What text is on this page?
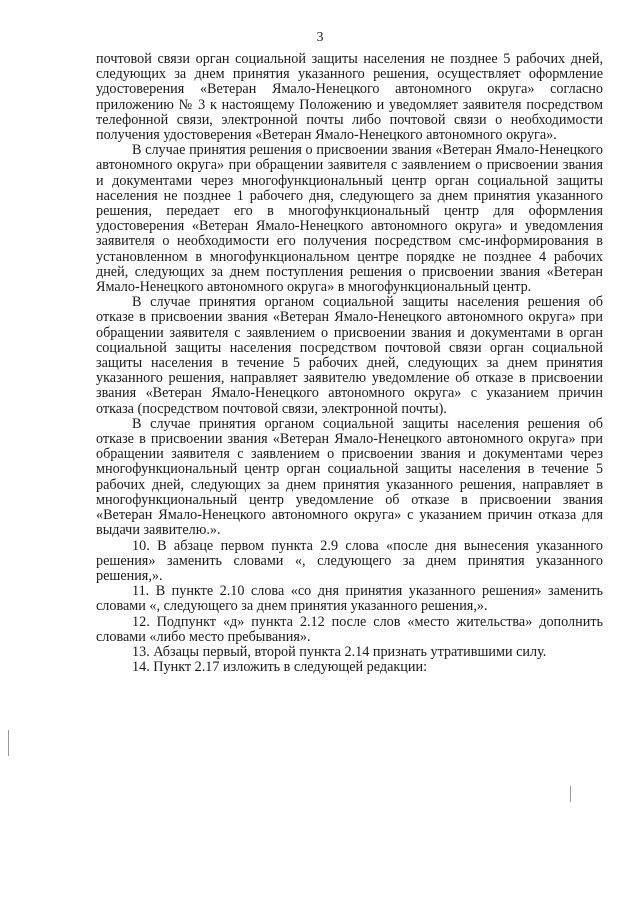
3

почтовой связи орган социальной защиты населения не позднее 5 рабочих дней, следующих за днем принятия указанного решения, осуществляет оформление удостоверения «Ветеран Ямало-Ненецкого автономного округа» согласно приложению № 3 к настоящему Положению и уведомляет заявителя посредством телефонной связи, электронной почты либо почтовой связи о необходимости получения удостоверения «Ветеран Ямало-Ненецкого автономного округа».

В случае принятия решения о присвоении звания «Ветеран Ямало-Ненецкого автономного округа» при обращении заявителя с заявлением о присвоении звания и документами через многофункциональный центр орган социальной защиты населения не позднее 1 рабочего дня, следующего за днем принятия указанного решения, передает его в многофункциональный центр для оформления удостоверения «Ветеран Ямало-Ненецкого автономного округа» и уведомления заявителя о необходимости его получения посредством смс-информирования в установленном в многофункциональном центре порядке не позднее 4 рабочих дней, следующих за днем поступления решения о присвоении звания «Ветеран Ямало-Ненецкого автономного округа» в многофункциональный центр.

В случае принятия органом социальной защиты населения решения об отказе в присвоении звания «Ветеран Ямало-Ненецкого автономного округа» при обращении заявителя с заявлением о присвоении звания и документами в орган социальной защиты населения посредством почтовой связи орган социальной защиты населения в течение 5 рабочих дней, следующих за днем принятия указанного решения, направляет заявителю уведомление об отказе в присвоении звания «Ветеран Ямало-Ненецкого автономного округа» с указанием причин отказа (посредством почтовой связи, электронной почты).

В случае принятия органом социальной защиты населения решения об отказе в присвоении звания «Ветеран Ямало-Ненецкого автономного округа» при обращении заявителя с заявлением о присвоении звания и документами через многофункциональный центр орган социальной защиты населения в течение 5 рабочих дней, следующих за днем принятия указанного решения, направляет в многофункциональный центр уведомление об отказе в присвоении звания «Ветеран Ямало-Ненецкого автономного округа» с указанием причин отказа для выдачи заявителю.».

10. В абзаце первом пункта 2.9 слова «после дня вынесения указанного решения» заменить словами «, следующего за днем принятия указанного решения,».

11. В пункте 2.10 слова «со дня принятия указанного решения» заменить словами «, следующего за днем принятия указанного решения,».

12. Подпункт «д» пункта 2.12 после слов «место жительства» дополнить словами «либо место пребывания».

13. Абзацы первый, второй пункта 2.14 признать утратившими силу.

14. Пункт 2.17 изложить в следующей редакции:
